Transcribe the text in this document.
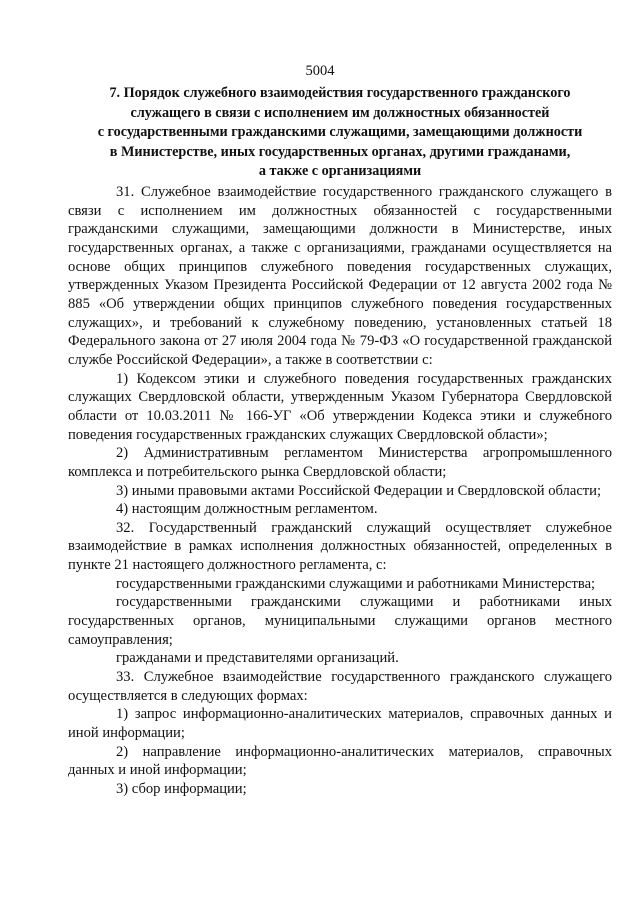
5004
7. Порядок служебного взаимодействия государственного гражданского
служащего в связи с исполнением им должностных обязанностей
с государственными гражданскими служащими, замещающими должности
в Министерстве, иных государственных органах, другими гражданами,
а также с организациями

31. Служебное взаимодействие государственного гражданского служащего в связи с исполнением им должностных обязанностей с государственными гражданскими служащими, замещающими должности в Министерстве, иных государственных органах, а также с организациями, гражданами осуществляется на основе общих принципов служебного поведения государственных служащих, утвержденных Указом Президента Российской Федерации от 12 августа 2002 года № 885 «Об утверждении общих принципов служебного поведения государственных служащих», и требований к служебному поведению, установленных статьей 18 Федерального закона от 27 июля 2004 года № 79-ФЗ «О государственной гражданской службе Российской Федерации», а также в соответствии с:

1) Кодексом этики и служебного поведения государственных гражданских служащих Свердловской области, утвержденным Указом Губернатора Свердловской области от 10.03.2011 № 166-УГ «Об утверждении Кодекса этики и служебного поведения государственных гражданских служащих Свердловской области»;

2) Административным регламентом Министерства агропромышленного комплекса и потребительского рынка Свердловской области;

3) иными правовыми актами Российской Федерации и Свердловской области;

4) настоящим должностным регламентом.

32. Государственный гражданский служащий осуществляет служебное взаимодействие в рамках исполнения должностных обязанностей, определенных в пункте 21 настоящего должностного регламента, с:

государственными гражданскими служащими и работниками Министерства;

государственными гражданскими служащими и работниками иных государственных органов, муниципальными служащими органов местного самоуправления;

гражданами и представителями организаций.

33. Служебное взаимодействие государственного гражданского служащего осуществляется в следующих формах:

1) запрос информационно-аналитических материалов, справочных данных и иной информации;

2) направление информационно-аналитических материалов, справочных данных и иной информации;

3) сбор информации;
